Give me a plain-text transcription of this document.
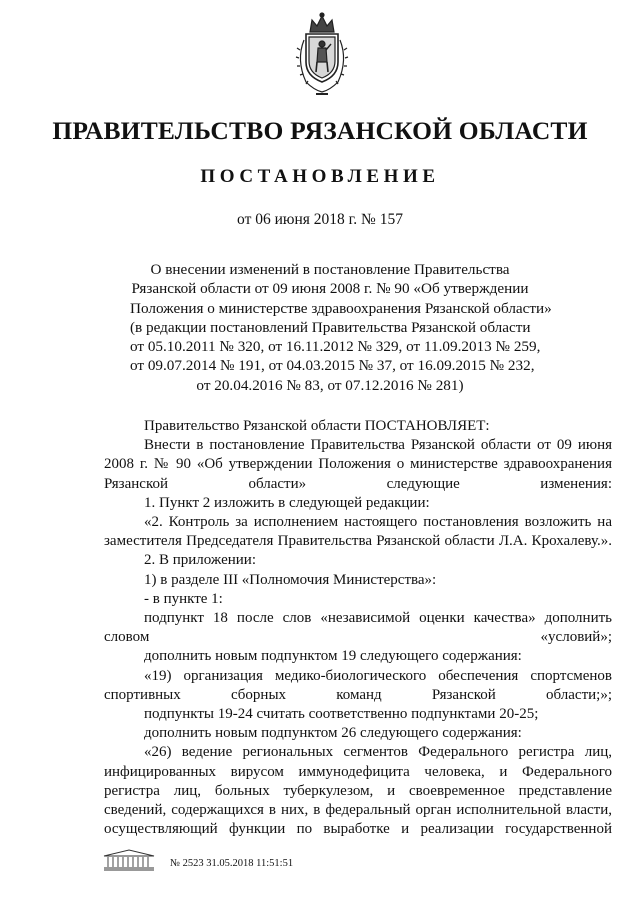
ПРАВИТЕЛЬСТВО РЯЗАНСКОЙ ОБЛАСТИ
ПОСТАНОВЛЕНИЕ
от 06 июня 2018 г. № 157
О внесении изменений в постановление Правительства
Рязанской области от 09 июня 2008 г. № 90 «Об утверждении
Положения о министерстве здравоохранения Рязанской области»
(в редакции постановлений Правительства Рязанской области
от 05.10.2011 № 320, от 16.11.2012 № 329, от 11.09.2013 № 259,
от 09.07.2014 № 191, от 04.03.2015 № 37, от 16.09.2015 № 232,
от 20.04.2016 № 83, от 07.12.2016 № 281)

Правительство Рязанской области ПОСТАНОВЛЯЕТ:

Внести в постановление Правительства Рязанской области от 09 июня 2008 г. № 90 «Об утверждении Положения о министерстве здравоохранения Рязанской области» следующие изменения:

1. Пункт 2 изложить в следующей редакции:

«2. Контроль за исполнением настоящего постановления возложить на заместителя Председателя Правительства Рязанской области Л.А. Крохалеву.».

2. В приложении:

1) в разделе III «Полномочия Министерства»:

- в пункте 1:

подпункт 18 после слов «независимой оценки качества» дополнить словом «условий»;

дополнить новым подпунктом 19 следующего содержания:

«19) организация медико-биологического обеспечения спортсменов спортивных сборных команд Рязанской области;»;

подпункты 19-24 считать соответственно подпунктами 20-25;

дополнить новым подпунктом 26 следующего содержания:

«26) ведение региональных сегментов Федерального регистра лиц, инфицированных вирусом иммунодефицита человека, и Федерального регистра лиц, больных туберкулезом, и своевременное представление сведений, содержащихся в них, в федеральный орган исполнительной власти, осуществляющий функции по выработке и реализации государственной

№ 2523 31.05.2018 11:51:51
